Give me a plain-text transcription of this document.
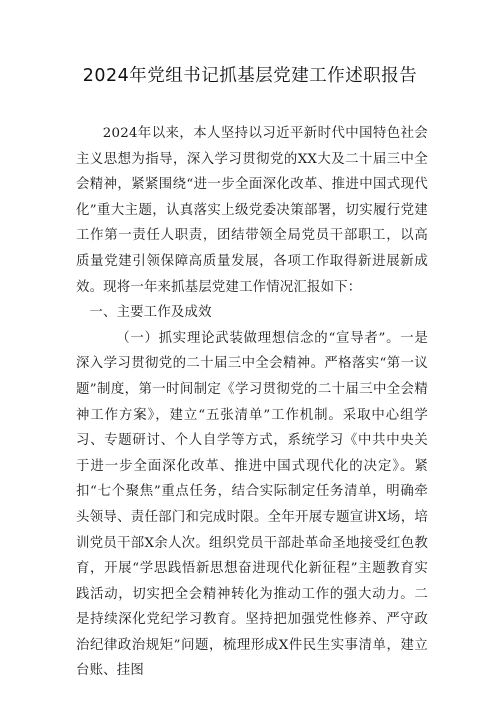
2024年党组书记抓基层党建工作述职报告

2024年以来，本人坚持以习近平新时代中国特色社会主义思想为指导，深入学习贯彻党的XX大及二十届三中全会精神，紧紧围绕“进一步全面深化改革、推进中国式现代化”重大主题，认真落实上级党委决策部署，切实履行党建工作第一责任人职责，团结带领全局党员干部职工，以高质量党建引领保障高质量发展，各项工作取得新进展新成效。现将一年来抓基层党建工作情况汇报如下：

一、主要工作及成效

（一）抓实理论武装做理想信念的“宣导者”。一是深入学习贯彻党的二十届三中全会精神。严格落实“第一议题”制度，第一时间制定《学习贯彻党的二十届三中全会精神工作方案》，建立“五张清单”工作机制。采取中心组学习、专题研讨、个人自学等方式，系统学习《中共中央关于进一步全面深化改革、推进中国式现代化的决定》。紧扣“七个聚焦”重点任务，结合实际制定任务清单，明确牵头领导、责任部门和完成时限。全年开展专题宣讲X场，培训党员干部X余人次。组织党员干部赴革命圣地接受红色教育，开展“学思践悟新思想奋进现代化新征程”主题教育实践活动，切实把全会精神转化为推动工作的强大动力。二是持续深化党纪学习教育。坚持把加强党性修养、严守政治纪律政治规矩”问题，梳理形成X件民生实事清单，建立台账、挂图
